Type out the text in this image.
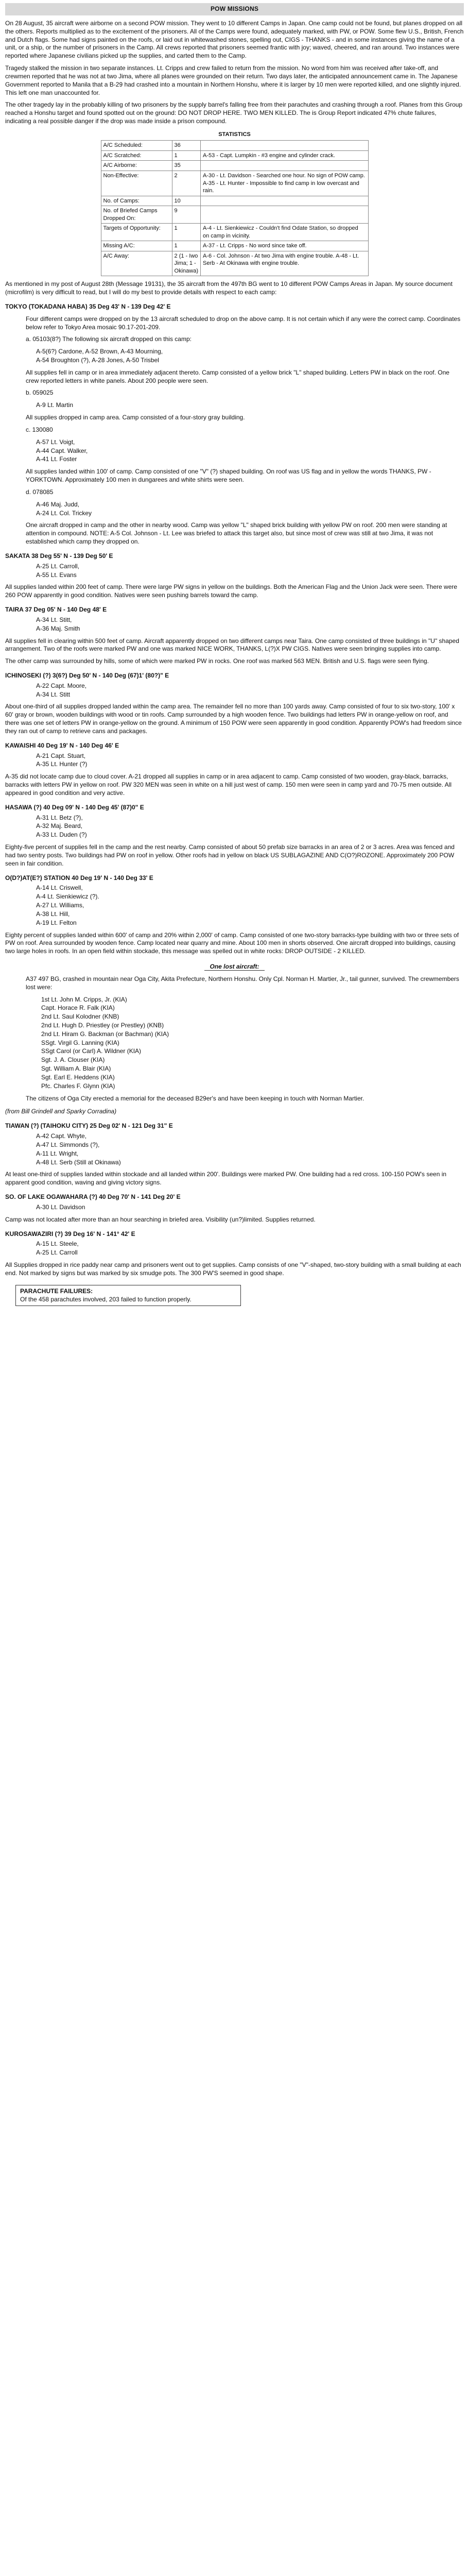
POW MISSIONS

On 28 August, 35 aircraft were airborne on a second POW mission. They went to 10 different Camps in Japan. One camp could not be found, but planes dropped on all the others. Reports multiplied as to the excitement of the prisoners. All of the Camps were found, adequately marked, with PW, or POW. Some flew U.S., British, French and Dutch flags. Some had signs painted on the roofs, or laid out in whitewashed stones, spelling out, CIGS - THANKS - and in some instances giving the name of a unit, or a ship, or the number of prisoners in the Camp. All crews reported that prisoners seemed frantic with joy; waved, cheered, and ran around. Two instances were reported where Japanese civilians picked up the supplies, and carted them to the Camp.

Tragedy stalked the mission in two separate instances. Lt. Cripps and crew failed to return from the mission. No word from him was received after take-off, and crewmen reported that he was not at two Jima, where all planes were grounded on their return. Two days later, the anticipated announcement came in. The Japanese Government reported to Manila that a B-29 had crashed into a mountain in Northern Honshu, where it is larger by 10 men were reported killed, and one slightly injured. This left one man unaccounted for.

The other tragedy lay in the probably killing of two prisoners by the supply barrel's falling free from their parachutes and crashing through a roof. Planes from this Group reached a Honshu target and found spotted out on the ground: DO NOT DROP HERE. TWO MEN KILLED. The is Group Report indicated 47% chute failures, indicating a real possible danger if the drop was made inside a prison compound.

STATISTICS
A/C Scheduled:	36	
A/C Scratched:	1	A-53 - Capt. Lumpkin - #3 engine and cylinder crack.
A/C Airborne:	35	
Non-Effective:	2	A-30 - Lt. Davidson - Searched one hour. No sign of POW camp. A-35 - Lt. Hunter - Impossible to find camp in low overcast and rain.
No. of Camps:	10	
No. of Briefed Camps Dropped On:	9	
Targets of Opportunity:	1	A-4 - Lt. Sienkiewicz - Couldn't find Odate Station, so dropped on camp in vicinity.
Missing A/C:	1	A-37 - Lt. Cripps - No word since take off.
A/C Away:	2 (1 - Iwo Jima; 1 - Okinawa)	A-6 - Col. Johnson - At two Jima with engine trouble. A-48 - Lt. Serb - At Okinawa with engine trouble.

As mentioned in my post of August 28th (Message 19131), the 35 aircraft from the 497th BG went to 10 different POW Camps Areas in Japan. My source document (microfilm) is very difficult to read, but I will do my best to provide details with respect to each camp:

TOKYO (TOKADANA HABA) 35 Deg 43' N - 139 Deg 42' E

Four different camps were dropped on by the 13 aircraft scheduled to drop on the above camp. It is not certain which if any were the correct camp. Coordinates below refer to Tokyo Area mosaic 90.17-201-209.

a. 05103(8?) The following six aircraft dropped on this camp:

A-5(6?) Cardone, A-52 Brown, A-43 Mourning,
A-54 Broughton (?), A-28 Jones, A-50 Trisbel

All supplies fell in camp or in area immediately adjacent thereto. Camp consisted of a yellow brick "L" shaped building. Letters PW in black on the roof. One crew reported letters in white panels. About 200 people were seen.

b. 059025

A-9 Lt. Martin

All supplies dropped in camp area. Camp consisted of a four-story gray building.

c. 130080

A-57 Lt. Voigt,
A-44 Capt. Walker,
A-41 Lt. Foster

All supplies landed within 100' of camp. Camp consisted of one "V" (?) shaped building. On roof was US flag and in yellow the words THANKS, PW - YORKTOWN. Approximately 100 men in dungarees and white shirts were seen.

d. 078085

A-46 Maj. Judd,
A-24 Lt. Col. Trickey

One aircraft dropped in camp and the other in nearby wood. Camp was yellow "L" shaped brick building with yellow PW on roof. 200 men were standing at attention in compound. NOTE: A-5 Col. Johnson - Lt. Lee was briefed to attack this target also, but since most of crew was still at two Jima, it was not established which camp they dropped on.

SAKATA 38 Deg 55' N - 139 Deg 50' E
A-25 Lt. Carroll,
A-55 Lt. Evans

All supplies landed within 200 feet of camp. There were large PW signs in yellow on the buildings. Both the American Flag and the Union Jack were seen. There were 260 POW apparently in good condition. Natives were seen pushing barrels toward the camp.

TAIRA 37 Deg 05' N - 140 Deg 48' E
A-34 Lt. Stitt,
A-36 Maj. Smith

All supplies fell in clearing within 500 feet of camp. Aircraft apparently dropped on two different camps near Taira. One camp consisted of three buildings in "U" shaped arrangement. Two of the roofs were marked PW and one was marked NICE WORK, THANKS, L(?)X PW CIGS. Natives were seen bringing supplies into camp.

The other camp was surrounded by hills, some of which were marked PW in rocks. One roof was marked 563 MEN. British and U.S. flags were seen flying.

ICHINOSEKI (?) 3(6?) Deg 50' N - 140 Deg (67)1' (80?)" E
A-22 Capt. Moore,
A-34 Lt. Stitt

About one-third of all supplies dropped landed within the camp area. The remainder fell no more than 100 yards away. Camp consisted of four to six two-story, 100' x 60' gray or brown, wooden buildings with wood or tin roofs. Camp surrounded by a high wooden fence. Two buildings had letters PW in orange-yellow on roof, and there was one set of letters PW in orange-yellow on the ground. A minimum of 150 POW were seen apparently in good condition. Apparently POW's had freedom since they ran out of camp to retrieve cans and packages.

KAWAISHI 40 Deg 19' N - 140 Deg 46' E
A-21 Capt. Stuart,
A-35 Lt. Hunter (?)

A-35 did not locate camp due to cloud cover. A-21 dropped all supplies in camp or in area adjacent to camp. Camp consisted of two wooden, gray-black, barracks, barracks with letters PW in yellow on roof. PW 320 MEN was seen in white on a hill just west of camp. 150 men were seen in camp yard and 70-75 men outside. All appeared in good condition and very active.

HASAWA (?) 40 Deg 09' N - 140 Deg 45' (87)0" E
A-31 Lt. Betz (?),
A-32 Maj. Beard,
A-33 Lt. Duden (?)

Eighty-five percent of supplies fell in the camp and the rest nearby. Camp consisted of about 50 prefab size barracks in an area of 2 or 3 acres. Area was fenced and had two sentry posts. Two buildings had PW on roof in yellow. Other roofs had in yellow on black US SUBLAGAZINE AND C(O?)ROZONE. Approximately 200 POW seen in fair condition.

O(D?)AT(E?) STATION 40 Deg 19' N - 140 Deg 33' E
A-14 Lt. Criswell,
A-4 Lt. Sienkiewicz (?).
A-27 Lt. Williams,
A-38 Lt. Hill,
A-19 Lt. Felton

Eighty percent of supplies landed within 600' of camp and 20% within 2,000' of camp. Camp consisted of one two-story barracks-type building with two or three sets of PW on roof. Area surrounded by wooden fence. Camp located near quarry and mine. About 100 men in shorts observed. One aircraft dropped into buildings, causing two large holes in roofs. In an open field within stockade, this message was spelled out in white rocks: DROP OUTSIDE - 2 KILLED.

One lost aircraft:

A37 497 BG, crashed in mountain near Oga City, Akita Prefecture, Northern Honshu. Only Cpl. Norman H. Martier, Jr., tail gunner, survived. The crewmembers lost were:

1st Lt. John M. Cripps, Jr. (KIA)
Capt. Horace R. Falk (KIA)
2nd Lt. Saul Kolodner (KNB)
2nd Lt. Hugh D. Priestley (or Prestley) (KNB)
2nd Lt. Hiram G. Backman (or Bachman) (KIA)
SSgt. Virgil G. Lanning (KIA)
SSgt Carol (or Carl) A. Wildner (KIA)
Sgt. J. A. Clouser (KIA)
Sgt. William A. Blair (KIA)
Sgt. Earl E. Heddens (KIA)
Pfc. Charles F. Glynn (KIA)

The citizens of Oga City erected a memorial for the deceased B29er's and have been keeping in touch with Norman Martier.

(from Bill Grindell and Sparky Corradina)

TIAWAN (?) (TAIHOKU CITY) 25 Deg 02' N - 121 Deg 31" E
A-42 Capt. Whyte,
A-47 Lt. Simmonds (?),
A-11 Lt. Wright,
A-48 Lt. Serb (Still at Okinawa)

At least one-third of supplies landed within stockade and all landed within 200'. Buildings were marked PW. One building had a red cross. 100-150 POW's seen in apparent good condition, waving and giving victory signs.

SO. OF LAKE OGAWAHARA (?) 40 Deg 70' N - 141 Deg 20' E
A-30 Lt. Davidson

Camp was not located after more than an hour searching in briefed area. Visibility (un?)limited. Supplies returned.

KUROSAWAZIRI (?) 39 Deg 16' N - 141° 42' E
A-15 Lt. Steele,
A-25 Lt. Carroll

All Supplies dropped in rice paddy near camp and prisoners went out to get supplies. Camp consists of one "V"-shaped, two-story building with a small building at each end. Not marked by signs but was marked by six smudge pots. The 300 PW'S seemed in good shape.

PARACHUTE FAILURES:
Of the 458 parachutes involved, 203 failed to function properly.
